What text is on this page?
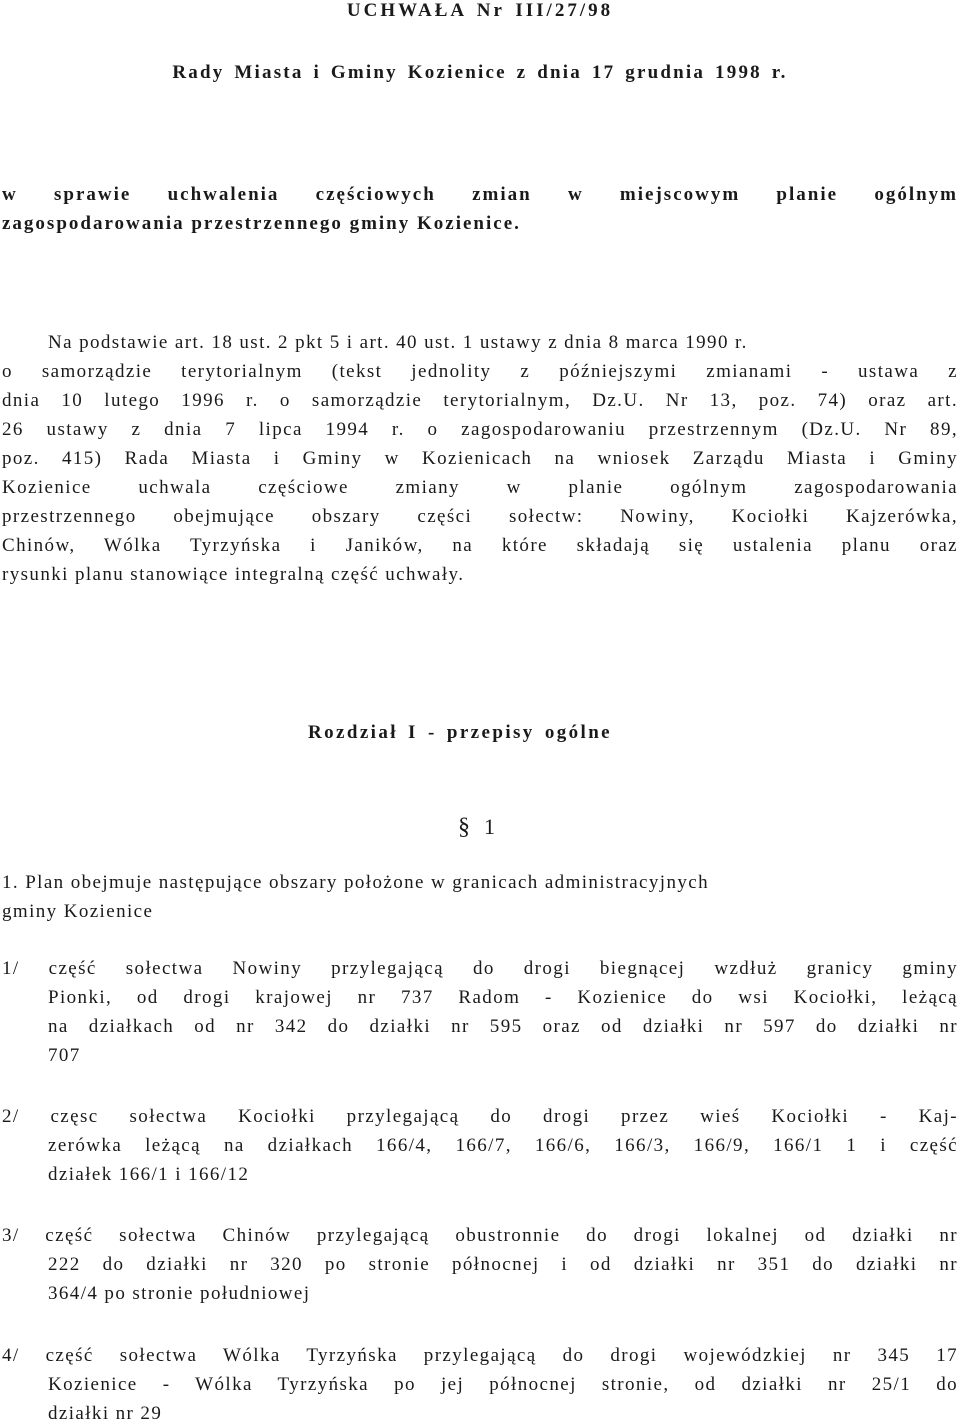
UCHWAŁA Nr III/27/98

Rady Miasta i Gminy Kozienice z dnia 17 grudnia 1998 r.

w sprawie uchwalenia częściowych zmian w miejscowym planie ogólnym

zagospodarowania przestrzennego gminy Kozienice.

Na podstawie art. 18 ust. 2 pkt 5 i art. 40 ust. 1 ustawy z dnia 8 marca 1990 r.

o samorządzie terytorialnym (tekst jednolity z późniejszymi zmianami - ustawa z

dnia 10 lutego 1996 r. o samorządzie terytorialnym, Dz.U. Nr 13, poz. 74) oraz art.

26 ustawy z dnia 7 lipca 1994 r. o zagospodarowaniu przestrzennym (Dz.U. Nr 89,

poz. 415) Rada Miasta i Gminy w Kozienicach na wniosek Zarządu Miasta i Gminy

Kozienice uchwala częściowe zmiany w planie ogólnym zagospodarowania

przestrzennego obejmujące obszary części sołectw: Nowiny, Kociołki Kajzerówka,

Chinów, Wólka Tyrzyńska i Janików, na które składają się ustalenia planu oraz

rysunki planu stanowiące integralną część uchwały.

Rozdział I - przepisy ogólne

§ 1

1. Plan obejmuje następujące obszary położone w granicach administracyjnych

gminy Kozienice

1/ część sołectwa Nowiny przylegającą do drogi biegnącej wzdłuż granicy gminy

Pionki, od drogi krajowej nr 737 Radom - Kozienice do wsi Kociołki, leżącą

na działkach od nr 342 do działki nr 595 oraz od działki nr 597 do działki nr

707

2/ częsc sołectwa Kociołki przylegającą do drogi przez wieś Kociołki - Kaj-

zerówka leżącą na działkach 166/4, 166/7, 166/6, 166/3, 166/9, 166/1 1 i część

działek 166/1 i 166/12

3/ część sołectwa Chinów przylegającą obustronnie do drogi lokalnej od działki nr

222 do działki nr 320 po stronie północnej i od działki nr 351 do działki nr

364/4 po stronie południowej

4/ część sołectwa Wólka Tyrzyńska przylegającą do drogi wojewódzkiej nr 345 17

Kozienice - Wólka Tyrzyńska po jej północnej stronie, od działki nr 25/1 do

działki nr 29
